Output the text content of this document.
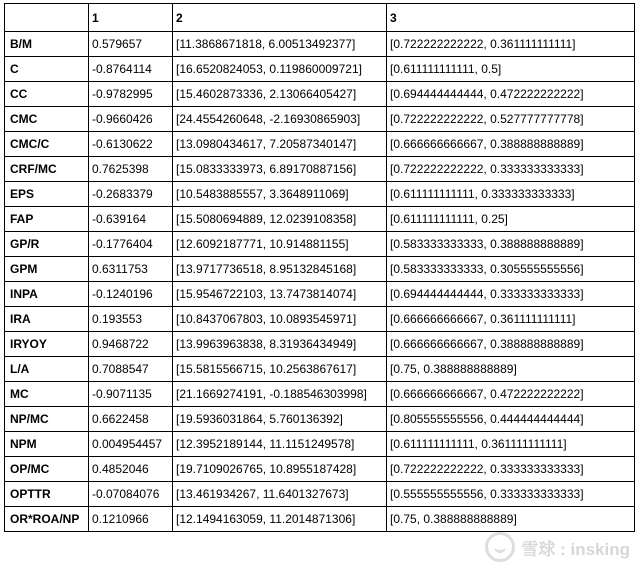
	1	2	3
B/M	0.579657	[11.3868671818, 6.00513492377]	[0.722222222222, 0.361111111111]
C	-0.8764114	[16.6520824053, 0.119860009721]	[0.611111111111, 0.5]
CC	-0.9782995	[15.4602873336, 2.13066405427]	[0.694444444444, 0.472222222222]
CMC	-0.9660426	[24.4554260648, -2.16930865903]	[0.722222222222, 0.527777777778]
CMC/C	-0.6130622	[13.0980434617, 7.20587340147]	[0.666666666667, 0.388888888889]
CRF/MC	0.7625398	[15.0833333973, 6.89170887156]	[0.722222222222, 0.333333333333]
EPS	-0.2683379	[10.5483885557, 3.3648911069]	[0.611111111111, 0.333333333333]
FAP	-0.639164	[15.5080694889, 12.0239108358]	[0.611111111111, 0.25]
GP/R	-0.1776404	[12.6092187771, 10.914881155]	[0.583333333333, 0.388888888889]
GPM	0.6311753	[13.9717736518, 8.95132845168]	[0.583333333333, 0.305555555556]
INPA	-0.1240196	[15.9546722103, 13.7473814074]	[0.694444444444, 0.333333333333]
IRA	0.193553	[10.8437067803, 10.0893545971]	[0.666666666667, 0.361111111111]
IRYOY	0.9468722	[13.9963963838, 8.31936434949]	[0.666666666667, 0.388888888889]
L/A	0.7088547	[15.5815566715, 10.2563867617]	[0.75, 0.388888888889]
MC	-0.9071135	[21.1669274191, -0.188546303998]	[0.666666666667, 0.472222222222]
NP/MC	0.6622458	[19.5936031864, 5.760136392]	[0.805555555556, 0.444444444444]
NPM	0.004954457	[12.3952189144, 11.1151249578]	[0.611111111111, 0.361111111111]
OP/MC	0.4852046	[19.7109026765, 10.8955187428]	[0.722222222222, 0.333333333333]
OPTTR	-0.07084076	[13.461934267, 11.6401327673]	[0.555555555556, 0.333333333333]
OR*ROA/NP	0.1210966	[12.1494163059, 11.2014871306]	[0.75, 0.388888888889]
雪球 : insking
